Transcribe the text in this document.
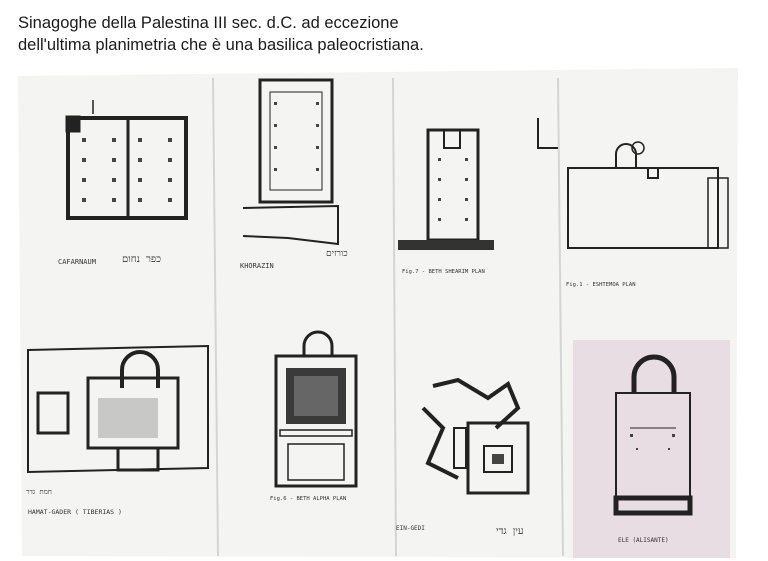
Sinagoghe della Palestina III sec. d.C. ad eccezione
dell'ultima planimetria che è una basilica paleocristiana.
CAFARNAUM	כפר נחום
KHORAZIN
כורזים
Fig.7 - BETH SHEARIM PLAN
Fig.1 - ESHTEMOA PLAN
חמת גדר
HAMAT-GADER ( TIBERIAS )
Fig.6 - BETH ALPHA PLAN
EIN-GEDI	עין גדי
ELE (ALISANTE)
